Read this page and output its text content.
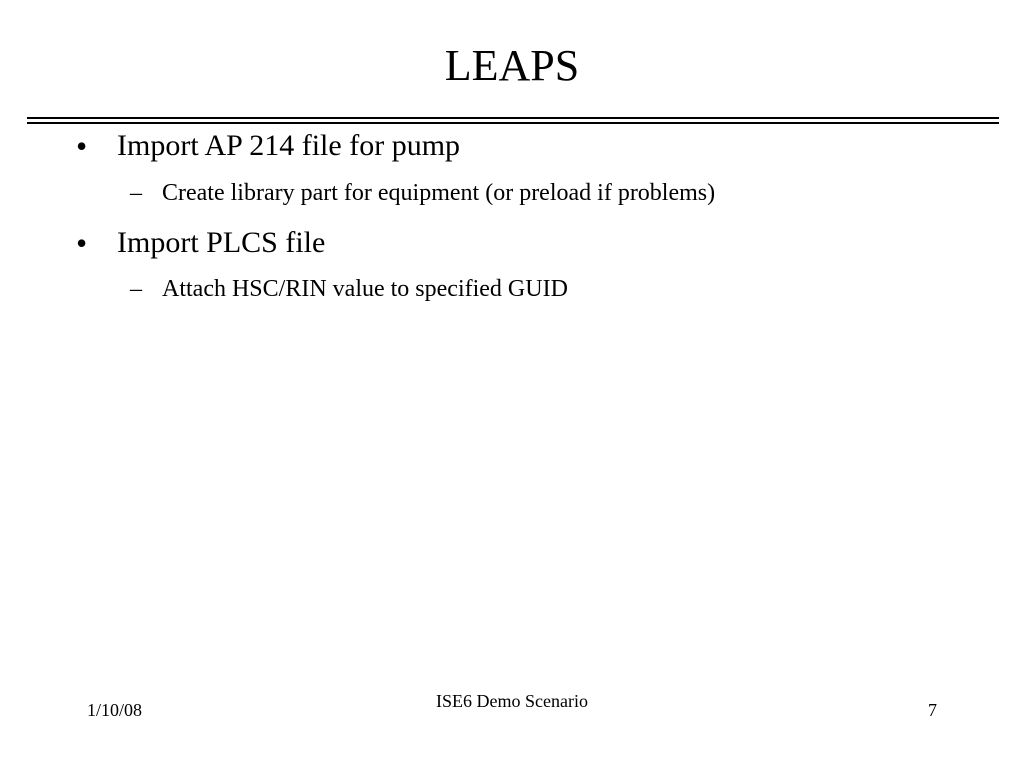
LEAPS
• Import AP 214 file for pump
– Create library part for equipment (or preload if problems)
• Import PLCS file
– Attach HSC/RIN value to specified GUID
1/10/08	ISE6 Demo Scenario	7
